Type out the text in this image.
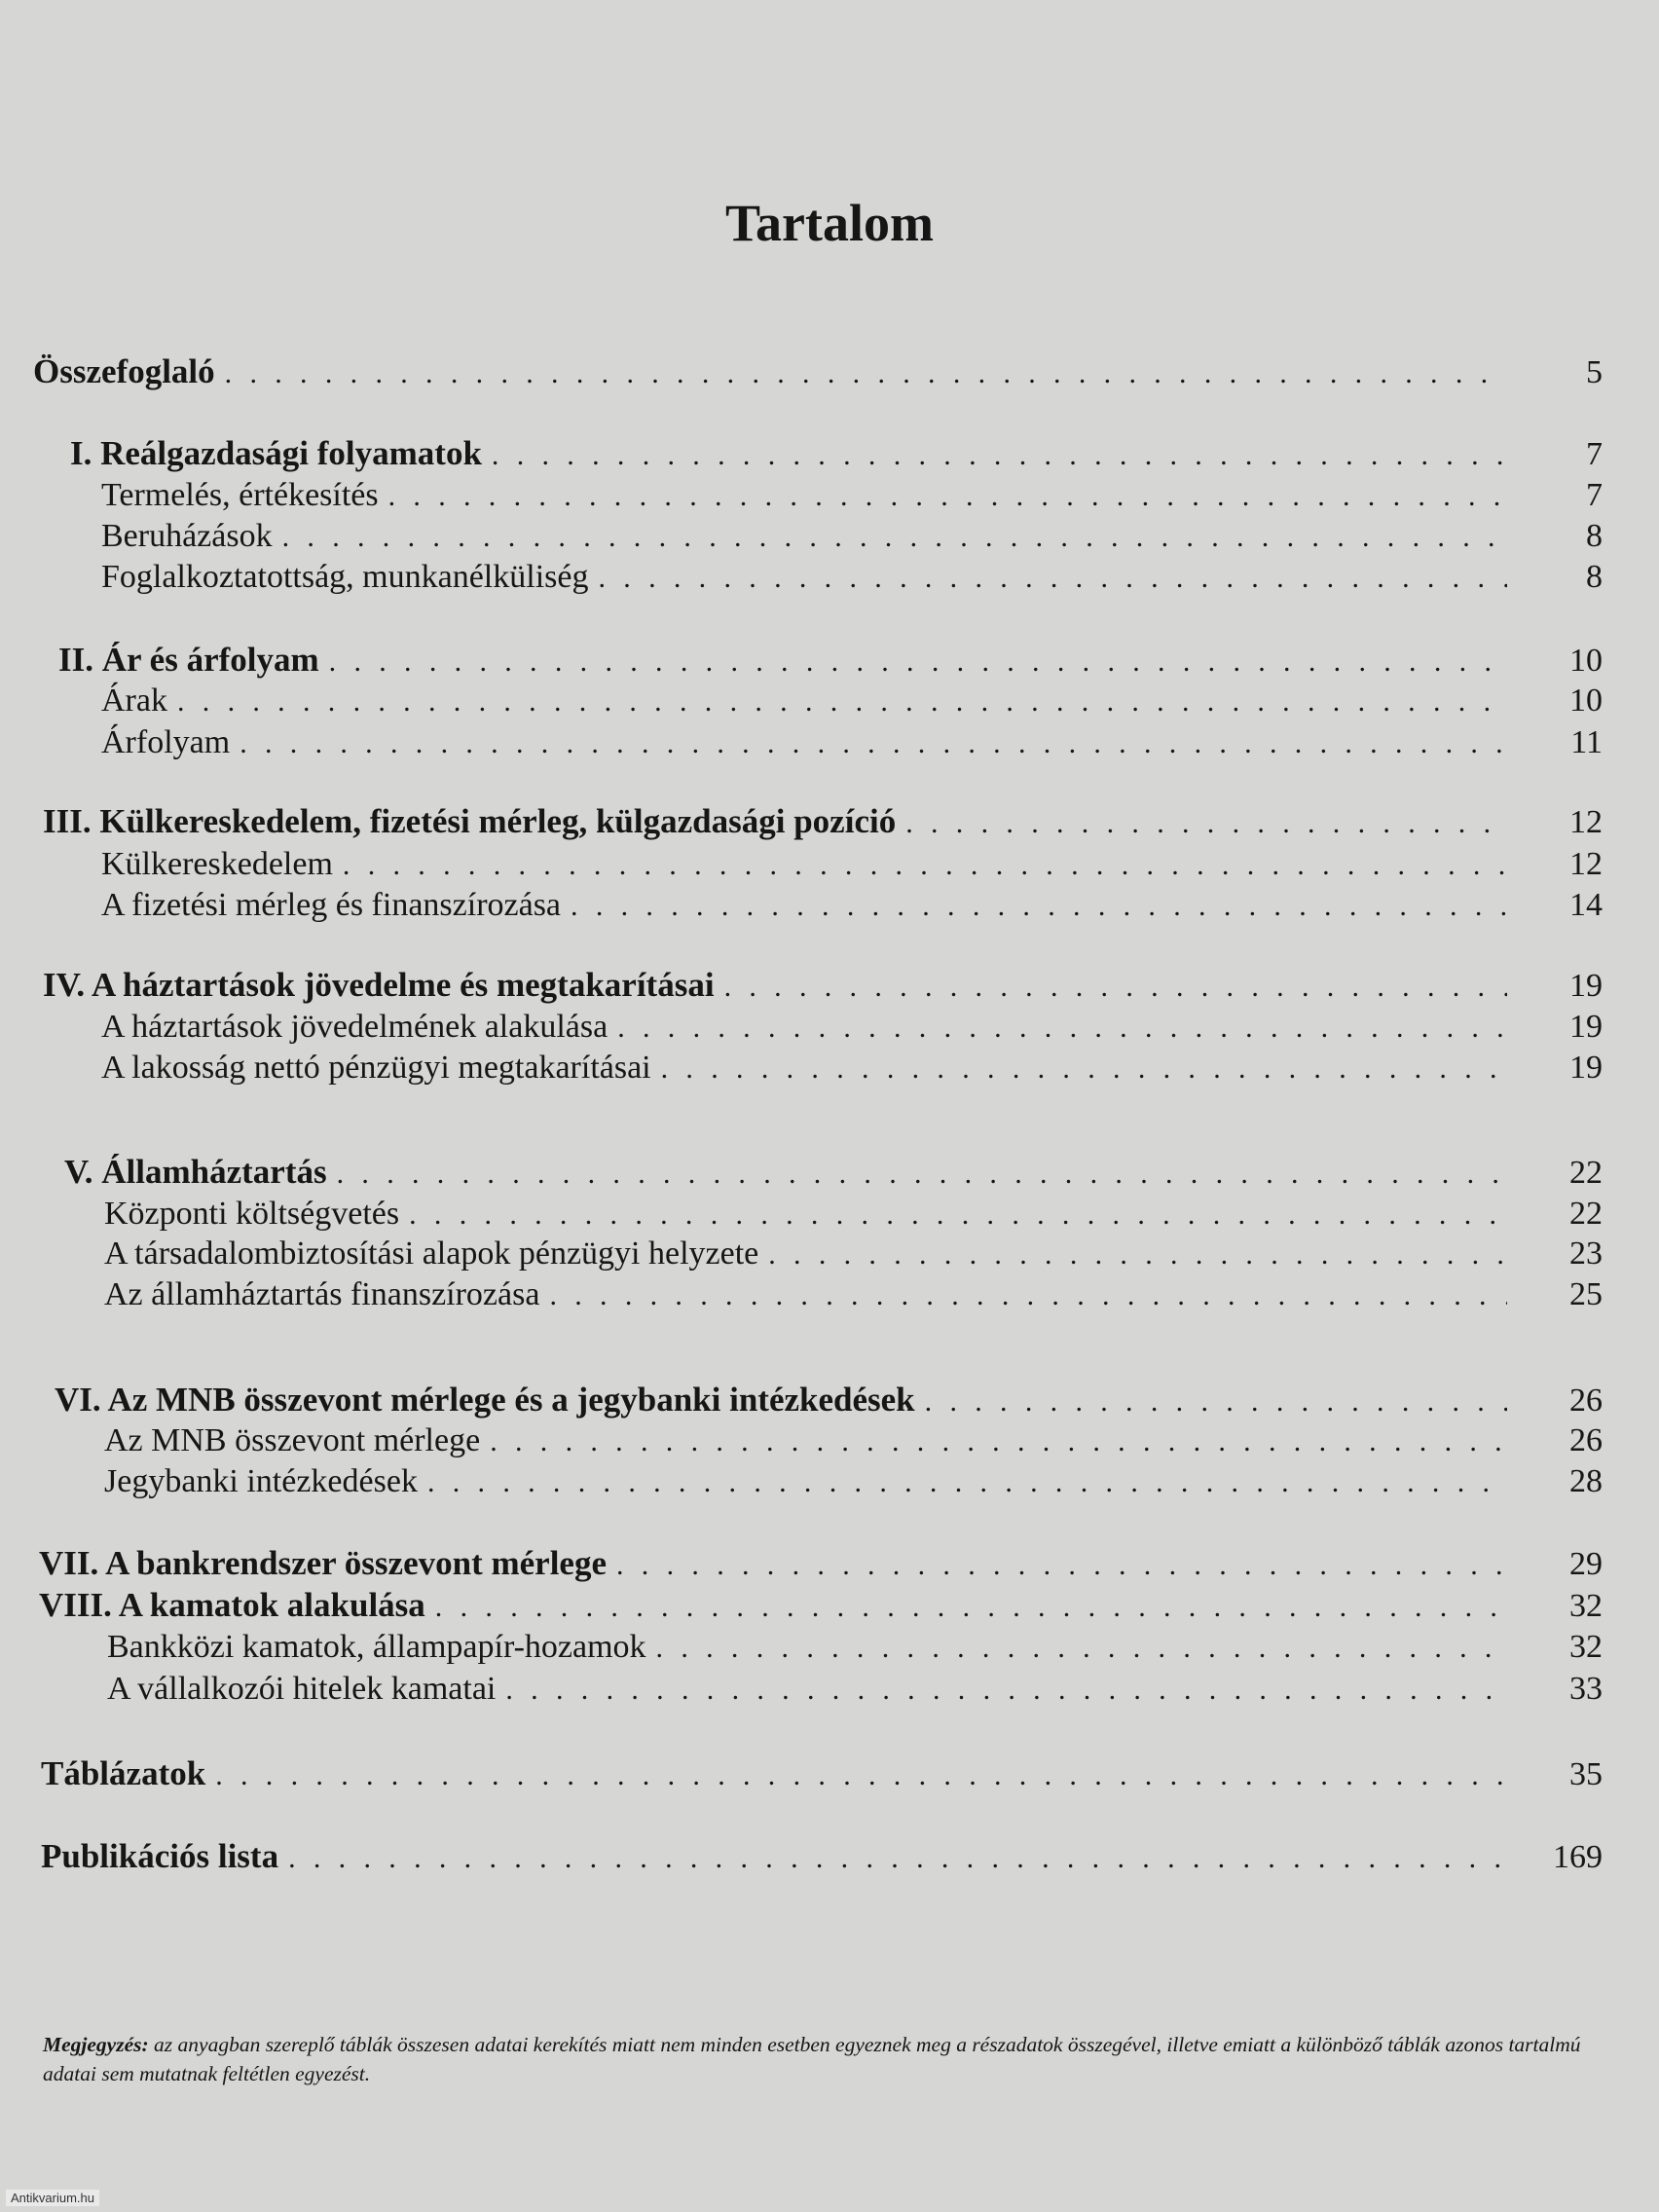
Tartalom
Összefoglaló . . .	5
I. Reálgazdasági folyamatok . . .	7
Termelés, értékesítés . . .	7
Beruházások . . .	8
Foglalkoztatottság, munkanélküliség . . .	8
II. Ár és árfolyam . . .	10
Árak . . .	10
Árfolyam . . .	11
III. Külkereskedelem, fizetési mérleg, külgazdasági pozíció . . .	12
Külkereskedelem . . .	12
A fizetési mérleg és finanszírozása . . .	14
IV. A háztartások jövedelme és megtakarításai . . .	19
A háztartások jövedelmének alakulása . . .	19
A lakosság nettó pénzügyi megtakarításai . . .	19
V. Államháztartás . . .	22
Központi költségvetés . . .	22
A társadalombiztosítási alapok pénzügyi helyzete . . .	23
Az államháztartás finanszírozása . . .	25
VI. Az MNB összevont mérlege és a jegybanki intézkedések . . .	26
Az MNB összevont mérlege . . .	26
Jegybanki intézkedések . . .	28
VII. A bankrendszer összevont mérlege . . .	29
VIII. A kamatok alakulása . . .	32
Bankközi kamatok, állampapír-hozamok . . .	32
A vállalkozói hitelek kamatai . . .	33
Táblázatok . . .	35
Publikációs lista . . .	169
Megjegyzés: az anyagban szereplő táblák összesen adatai kerekítés miatt nem minden esetben egyeznek meg a részadatok összegével, illetve emiatt a különböző táblák azonos tartalmú adatai sem mutatnak feltétlen egyezést.
Antikvarium.hu
